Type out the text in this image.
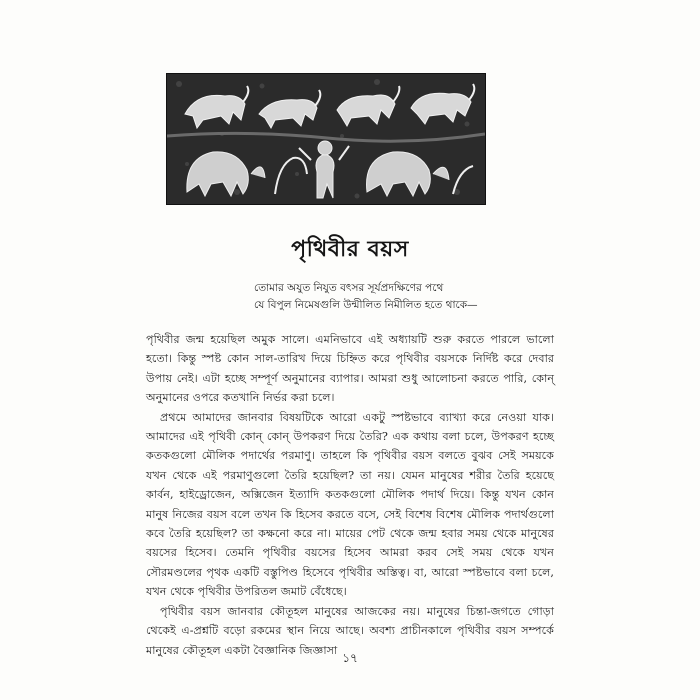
পৃথিবীর বয়স
তোমার অযুত নিযুত বৎসর সূর্যপ্রদক্ষিণের পথে
যে বিপুল নিমেষগুলি উন্মীলিত নিমীলিত হতে থাকে—

পৃথিবীর জন্ম হয়েছিল অমুক সালে। এমনিভাবে এই অধ্যায়টি শুরু করতে পারলে ভালো হতো। কিন্তু স্পষ্ট কোন সাল-তারিখ দিয়ে চিহ্নিত করে পৃথিবীর বয়সকে নির্দিষ্ট করে দেবার উপায় নেই। এটা হচ্ছে সম্পূর্ণ অনুমানের ব্যাপার। আমরা শুধু আলোচনা করতে পারি, কোন্‌ অনুমানের ওপরে কতখানি নির্ভর করা চলে।

প্রথমে আমাদের জানবার বিষয়টিকে আরো একটু স্পষ্টভাবে ব্যাখ্যা করে নেওয়া যাক। আমাদের এই পৃথিবী কোন্‌ কোন্‌ উপকরণ দিয়ে তৈরি? এক কথায় বলা চলে, উপকরণ হচ্ছে কতকগুলো মৌলিক পদার্থের পরমাণু। তাহলে কি পৃথিবীর বয়স বলতে বুঝব সেই সময়কে যখন থেকে এই পরমাণুগুলো তৈরি হয়েছিল? তা নয়। যেমন মানুষের শরীর তৈরি হয়েছে কার্বন, হাইড্রোজেন, অক্সিজেন ইত্যাদি কতকগুলো মৌলিক পদার্থ দিয়ে। কিন্তু যখন কোন মানুষ নিজের বয়স বলে তখন কি হিসেব করতে বসে, সেই বিশেষ বিশেষ মৌলিক পদার্থগুলো কবে তৈরি হয়েছিল? তা কক্ষনো করে না। মায়ের পেট থেকে জন্ম হবার সময় থেকে মানুষের বয়সের হিসেব। তেমনি পৃথিবীর বয়সের হিসেব আমরা করব সেই সময় থেকে যখন সৌরমণ্ডলের পৃথক একটি বস্তুপিণ্ড হিসেবে পৃথিবীর অস্তিত্ব। বা, আরো স্পষ্টভাবে বলা চলে, যখন থেকে পৃথিবীর উপরিতল জমাট বেঁধেছে।

পৃথিবীর বয়স জানবার কৌতূহল মানুষের আজকের নয়। মানুষের চিন্তা-জগতে গোড়া থেকেই এ-প্রশ্নটি বড়ো রকমের স্থান নিয়ে আছে। অবশ্য প্রাচীনকালে পৃথিবীর বয়স সম্পর্কে মানুষের কৌতূহল একটা বৈজ্ঞানিক জিজ্ঞাসা

১৭
